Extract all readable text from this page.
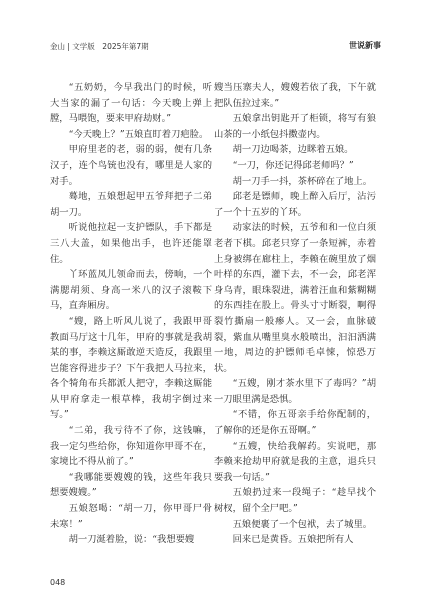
金山 | 文学版　2025年第7期	世说新事

“五奶奶，今早我出门的时候，听大当家的漏了一句话：今天晚上弹上膛，马喂饱，要来甲府劫财。”

“今天晚上？”五娘直盯着刀疤脸。

甲府里老的老，弱的弱，便有几条汉子，连个鸟铳也没有，哪里是人家的对手。

蓦地，五娘想起甲五爷拜把子二弟胡一刀。

听说他拉起一支护镖队，手下都是三八大盖，如果他出手，也许还能罩住。

丫环蓝凤儿领命而去，傍晌，一个满腮胡须、身高一米八的汉子滚鞍下马，直奔厢房。

“嫂，路上听风儿说了，我跟甲哥教面马厅这十几年，甲府的事就是我胡某的事，李赖这厮敢逆天造反，我跟里岂能容得进步子？下午我把人马拉来，各个犄角布兵都派人把守，李赖这厮能从甲府拿走一根草棒，我胡字倒过来写。”

“二弟，我亏待不了你，这钱嘛，我一定匀些给你，你知道你甲哥不在，家境比不得从前了。”

“我哪能要嫂嫂的钱，这些年我只想要嫂嫂。”

五娘怒喝：“胡一刀，你甲哥尸骨未寒！”

胡一刀涎着脸，说：“我想要嫂

嫂当压寨夫人，嫂嫂若依了我，下午就把队伍拉过来。”

五娘拿出钥匙开了柜锁，将写有狼山茶的一小纸包抖擞壶内。

胡一刀边喝茶，边眯着五娘。

“一刀，你还记得邱老师吗？”

胡一刀手一抖，茶杯碎在了地上。

邱老是镖师，晚上醉入后厅，沾污了一个十五岁的丫环。

动家法的时候，五爷和和一位白须老者下棋。邱老只穿了一条短裤，赤着上身被绑在廊柱上，李赖在碗里放了烟叶样的东西，灌下去，不一会，邱老浑身乌青，眼珠裂进，满着汪血和紫糊糊的东西挂在股上。骨头寸寸断裂，啊得裂竹撕扇一般瘆人。又一会，血脉破裂，紫血从嘴里臭水般喷出，汩汩洒满一地，周边的护镖师毛卓悚，惊恐万状。

“五嫂，刚才茶水里下了毒吗？”胡一刀眼里满是恐惧。

“不错，你五哥亲手给你配制的，了解你的还是你五哥啊。”

“五嫂，快给我解药。实说吧，那李赖来抢劫甲府就是我的主意，退兵只要我一句话。”

五娘扔过来一段绳子：“趁早找个树杈，留个全尸吧。”

五娘便裹了一个包袱，去了城里。

回来已是黄昏。五娘把所有人

048
